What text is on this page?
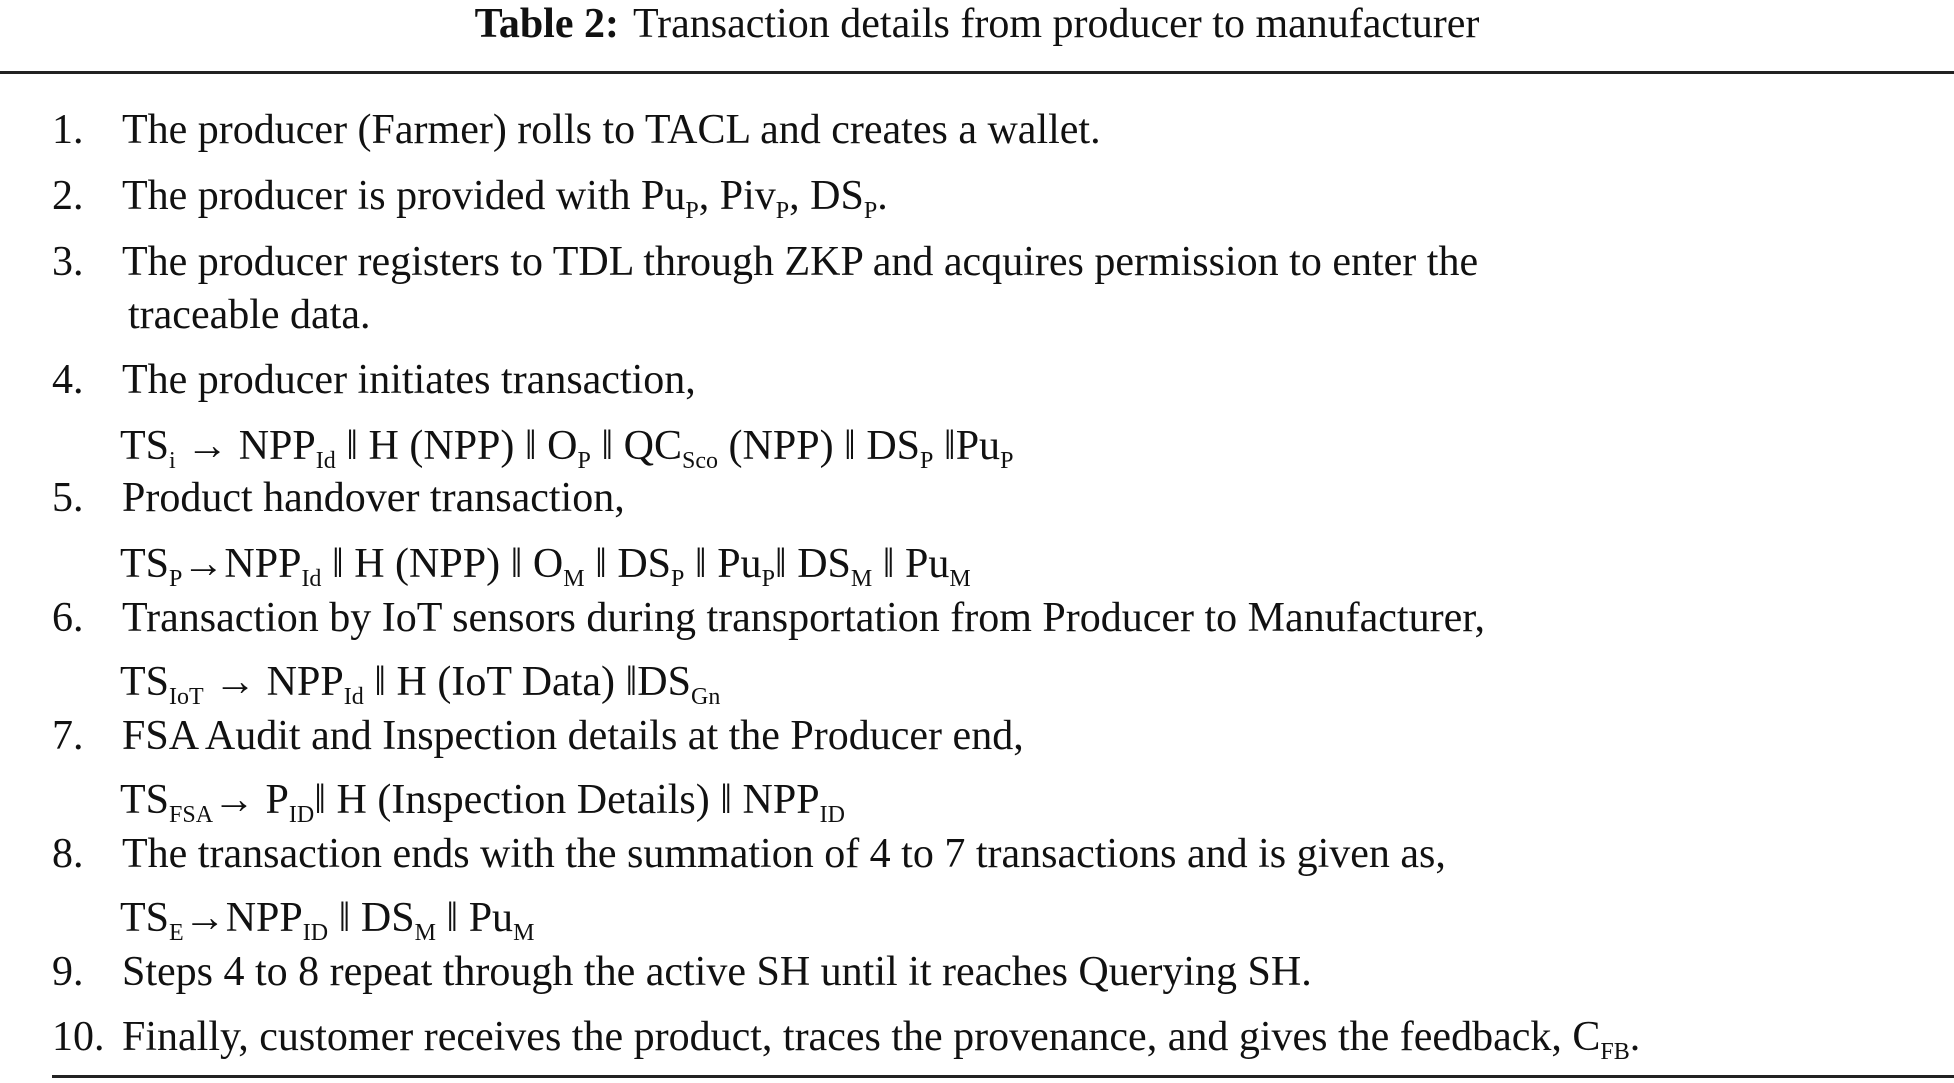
Table 2: Transaction details from producer to manufacturer
1. The producer (Farmer) rolls to TACL and creates a wallet.
2. The producer is provided with $Pu_P$, Piv$_P$, $DS_P$.
3. The producer registers to TDL through ZKP and acquires permission to enter the
traceable data.
4. The producer initiates transaction,
$TS_i \to NPP_{Id}$ ‖ H (NPP) ‖ $O_P$ ‖ $QC_{Sco}$ (NPP) ‖ $DS_P$ $‖Pu_P$
5. Product handover transaction,
$TS_P\to NPP_{Id}$ ‖ H (NPP) ‖ $O_M$ ‖ $DS_P$ ‖ $Pu_P‖$ $DS_M$ ‖ $Pu_M$
6. Transaction by IoT sensors during transportation from Producer to Manufacturer,
$TS_{IoT} \to NPP_{Id}$ ‖ H (IoT Data) $‖DS_{Gn}$
7. FSA Audit and Inspection details at the Producer end,
$TS_{FSA}\to$ $P_{ID}‖$ H (Inspection Details) ‖ $NPP_{ID}$
8. The transaction ends with the summation of 4 to 7 transactions and is given as,
$TS_E\to NPP_{ID}$ ‖ $DS_M$ ‖ $Pu_M$
9. Steps 4 to 8 repeat through the active SH until it reaches Querying SH.
10. Finally, customer receives the product, traces the provenance, and gives the feedback, $C_{FB}$.
